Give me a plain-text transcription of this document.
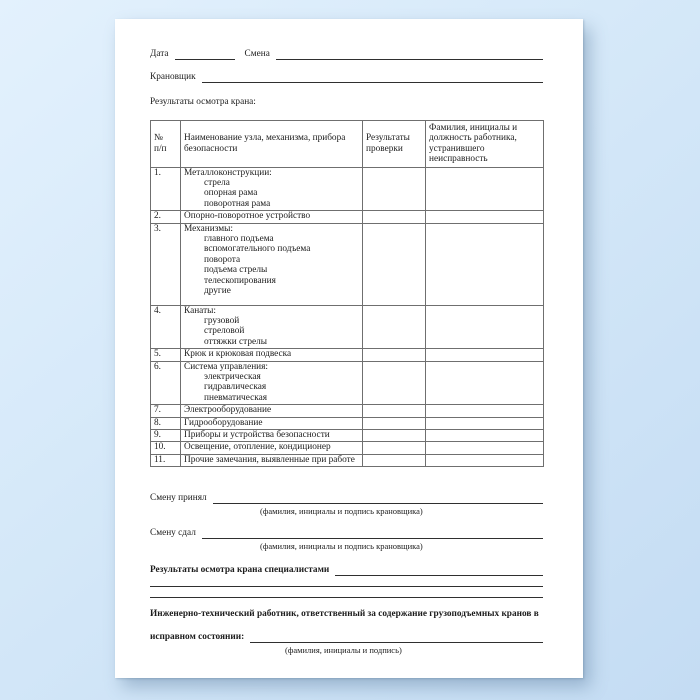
Дата	Смена
Крановщик
Результаты осмотра крана:
№
п/п	Наименование узла, механизма, прибора безопасности	Результаты проверки	Фамилия, инициалы и должность работника, устранившего неисправность
1.	Металлоконструкции:
стрела
опорная рама
поворотная рама		

2.	Опорно-поворотное устройство		

3.	Механизмы:
главного подъема
вспомогательного подъема
поворота
подъема стрелы
телескопирования
другие

4.	Канаты:
грузовой
стреловой
оттяжки стрелы		

5.	Крюк и крюковая подвеска		

6.	Система управления:
электрическая
гидравлическая
пневматическая		

7.	Электрооборудование		

8.	Гидрооборудование		

9.	Приборы и устройства безопасности		

10.	Освещение, отопление, кондиционер		

11.	Прочие замечания, выявленные при работе		

Смену принял
(фамилия, инициалы и подпись крановщика)
Смену сдал
(фамилия, инициалы и подпись крановщика)
Результаты осмотра крана специалистами
Инженерно-технический работник, ответственный за содержание грузоподъемных кранов в
исправном состоянии:
(фамилия, инициалы и подпись)
